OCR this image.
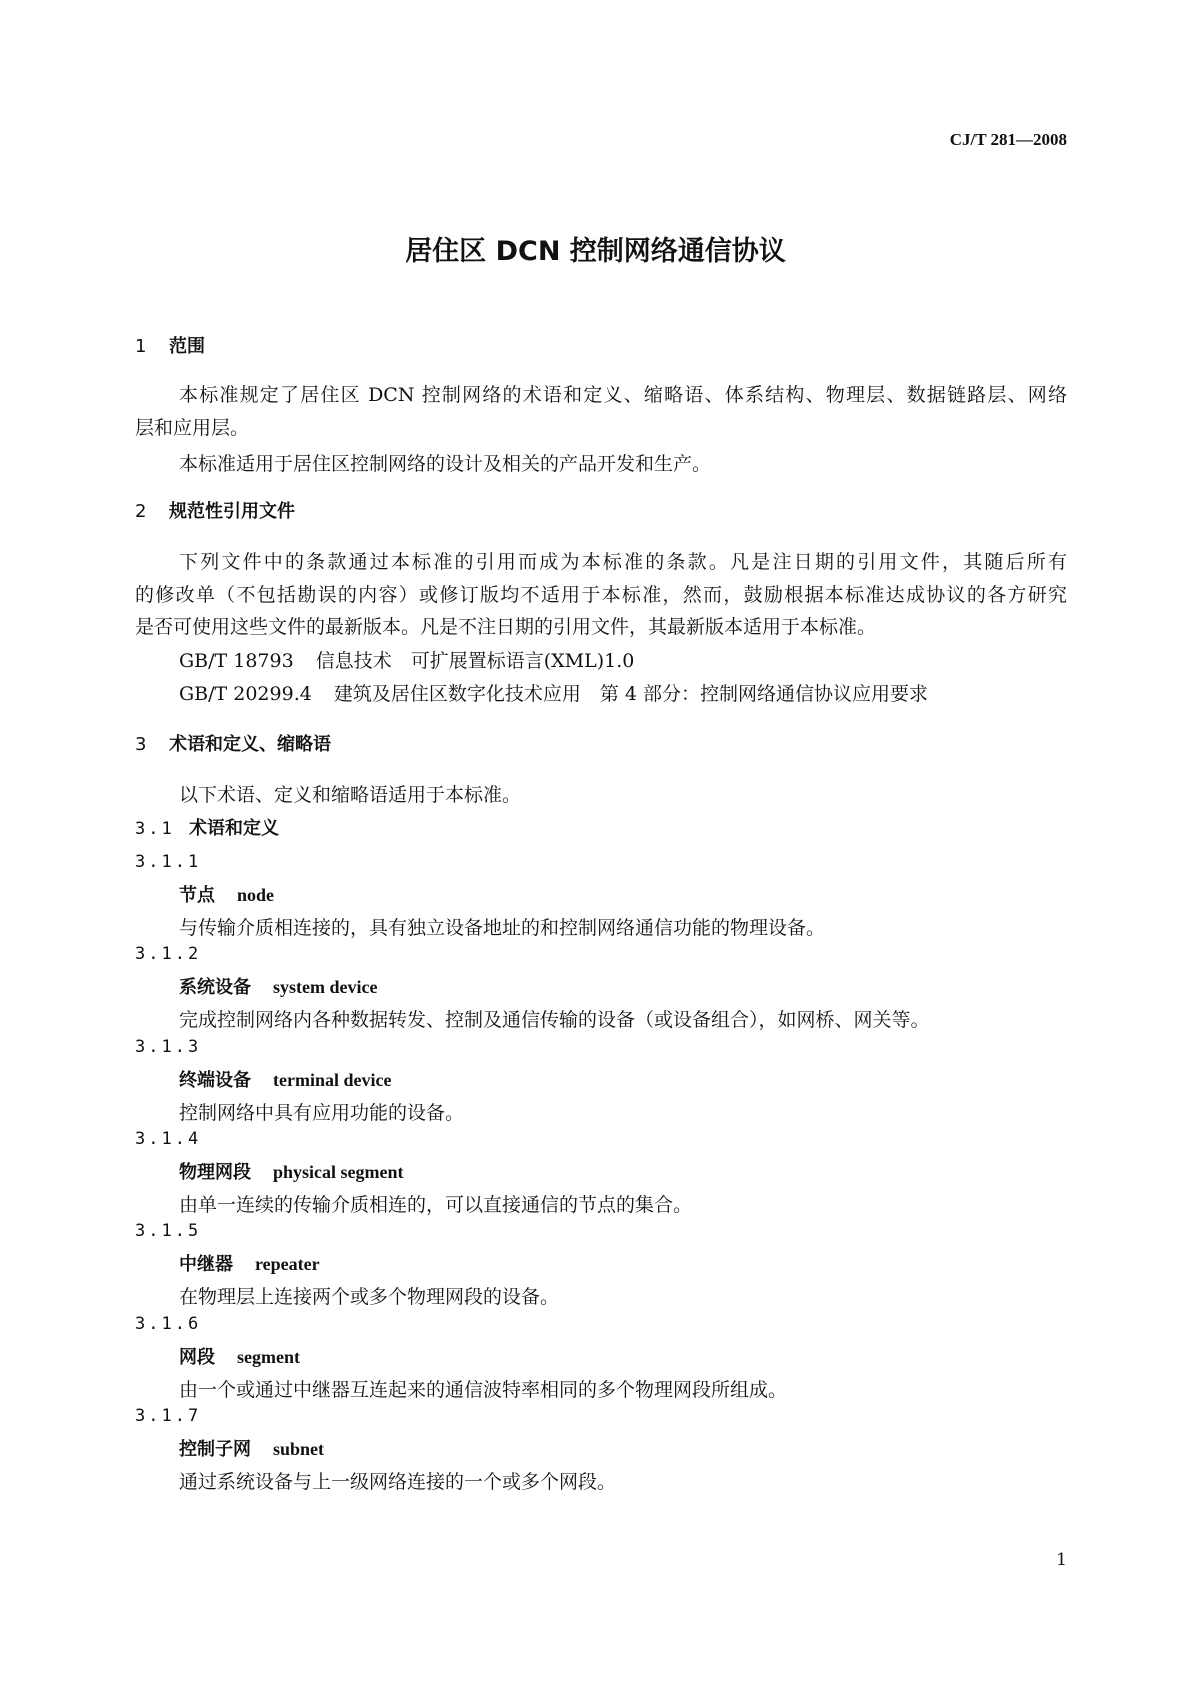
CJ/T 281—2008
居住区 DCN 控制网络通信协议
1 范围
本标准规定了居住区 DCN 控制网络的术语和定义、缩略语、体系结构、物理层、数据链路层、网络
层和应用层。
本标准适用于居住区控制网络的设计及相关的产品开发和生产。
2 规范性引用文件
下列文件中的条款通过本标准的引用而成为本标准的条款。凡是注日期的引用文件，其随后所有
的修改单（不包括勘误的内容）或修订版均不适用于本标准，然而，鼓励根据本标准达成协议的各方研究
是否可使用这些文件的最新版本。凡是不注日期的引用文件，其最新版本适用于本标准。
GB/T 18793 信息技术　可扩展置标语言(XML)1.0
GB/T 20299.4 建筑及居住区数字化技术应用　第 4 部分：控制网络通信协议应用要求
3 术语和定义、缩略语
以下术语、定义和缩略语适用于本标准。
3.1 术语和定义
3.1.1
节点 node
与传输介质相连接的，具有独立设备地址的和控制网络通信功能的物理设备。
3.1.2
系统设备 system device
完成控制网络内各种数据转发、控制及通信传输的设备（或设备组合），如网桥、网关等。
3.1.3
终端设备 terminal device
控制网络中具有应用功能的设备。
3.1.4
物理网段 physical segment
由单一连续的传输介质相连的，可以直接通信的节点的集合。
3.1.5
中继器 repeater
在物理层上连接两个或多个物理网段的设备。
3.1.6
网段 segment
由一个或通过中继器互连起来的通信波特率相同的多个物理网段所组成。
3.1.7
控制子网 subnet
通过系统设备与上一级网络连接的一个或多个网段。
1
